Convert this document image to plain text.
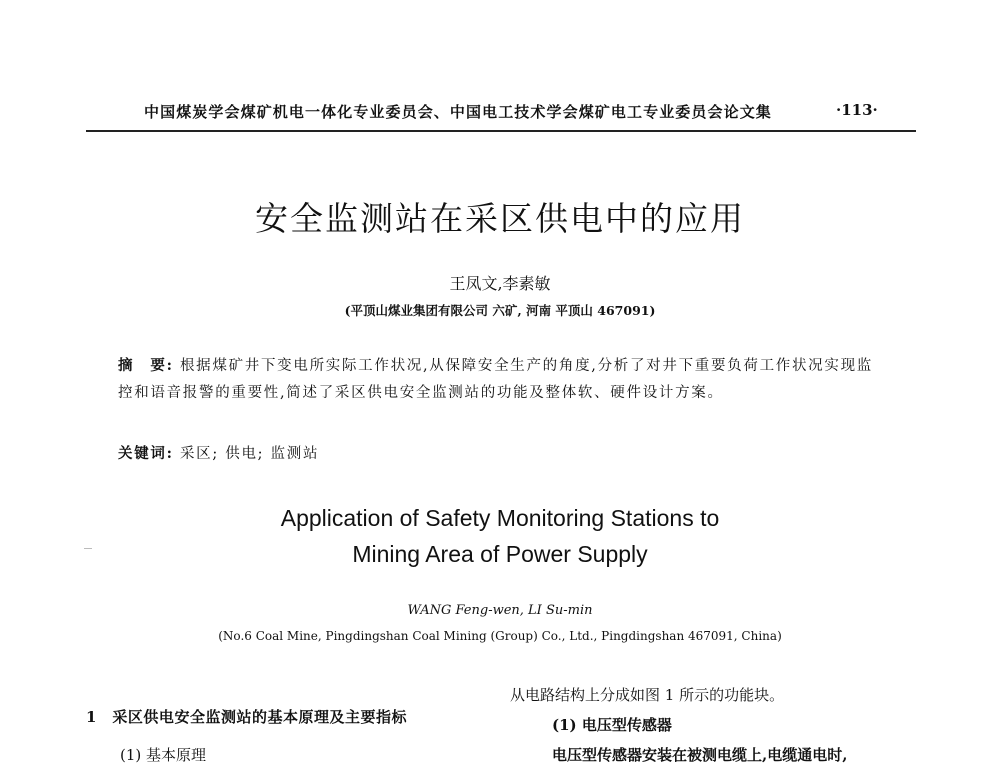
中国煤炭学会煤矿机电一体化专业委员会、中国电工技术学会煤矿电工专业委员会论文集	·113·
安全监测站在采区供电中的应用
王凤文,李素敏
(平顶山煤业集团有限公司 六矿, 河南 平顶山 467091)
摘　要: 根据煤矿井下变电所实际工作状况,从保障安全生产的角度,分析了对井下重要负荷工作状况实现监控和语音报警的重要性,简述了采区供电安全监测站的功能及整体软、硬件设计方案。
关键词: 采区; 供电; 监测站
Application of Safety Monitoring Stations to
Mining Area of Power Supply
WANG Feng-wen, LI Su-min
(No.6 Coal Mine, Pingdingshan Coal Mining (Group) Co., Ltd., Pingdingshan 467091, China)
1　采区供电安全监测站的基本原理及主要指标
(1) 基本原理
从电路结构上分成如图 1 所示的功能块。
(1) 电压型传感器
电压型传感器安装在被测电缆上,电缆通电时,
